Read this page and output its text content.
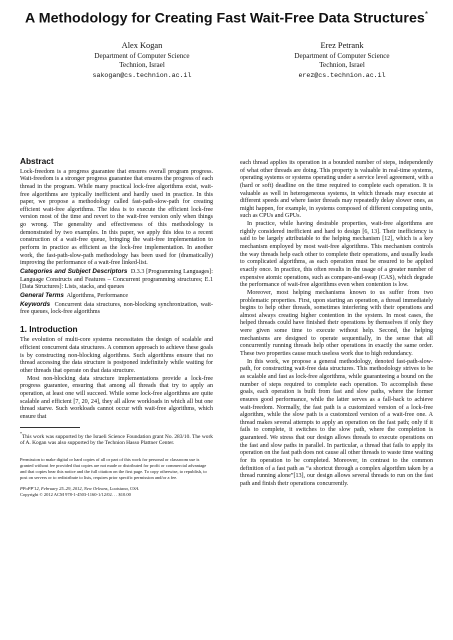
A Methodology for Creating Fast Wait-Free Data Structures*
Alex Kogan
Department of Computer Science
Technion, Israel
sakogan@cs.technion.ac.il
Erez Petrank
Department of Computer Science
Technion, Israel
erez@cs.technion.ac.il
Abstract

Lock-freedom is a progress guarantee that ensures overall program progress. Wait-freedom is a stronger progress guarantee that ensures the progress of each thread in the program. While many practical lock-free algorithms exist, wait-free algorithms are typically inefficient and hardly used in practice. In this paper, we propose a methodology called fast-path-slow-path for creating efficient wait-free algorithms. The idea is to execute the efficient lock-free version most of the time and revert to the wait-free version only when things go wrong. The generality and effectiveness of this methodology is demonstrated by two examples. In this paper, we apply this idea to a recent construction of a wait-free queue, bringing the wait-free implementation to perform in practice as efficient as the lock-free implementation. In another work, the fast-path-slow-path methodology has been used for (dramatically) improving the performance of a wait-free linked-list.

Categories and Subject Descriptors D.3.3 [Programming Languages]: Language Constructs and Features – Concurrent programming structures; E.1 [Data Structures]: Lists, stacks, and queues

General Terms Algorithms, Performance

Keywords Concurrent data structures, non-blocking synchronization, wait-free queues, lock-free algorithms

1. Introduction

The evolution of multi-core systems necessitates the design of scalable and efficient concurrent data structures. A common approach to achieve these goals is by constructing non-blocking algorithms. Such algorithms ensure that no thread accessing the data structure is postponed indefinitely while waiting for other threads that operate on that data structure.

Most non-blocking data structure implementations provide a lock-free progress guarantee, ensuring that among all threads that try to apply an operation, at least one will succeed. While some lock-free algorithms are quite scalable and efficient [7, 20, 24], they all allow workloads in which all but one thread starve. Such workloads cannot occur with wait-free algorithms, which ensure that

*This work was supported by the Israeli Science Foundation grant No. 283/10. The work of A. Kogan was also supported by the Technion Hasso Plattner Center.

Permission to make digital or hard copies of all or part of this work for personal or classroom use is granted without fee provided that copies are not made or distributed for profit or commercial advantage and that copies bear this notice and the full citation on the first page. To copy otherwise, to republish, to post on servers or to redistribute to lists, requires prior specific permission and/or a fee.
PPoPP'12, February 25–29, 2012, New Orleans, Louisiana, USA.
Copyright © 2012 ACM 978-1-4503-1160-1/12/02. . . $10.00

each thread applies its operation in a bounded number of steps, independently of what other threads are doing. This property is valuable in real-time systems, operating systems or systems operating under a service level agreement, with a (hard or soft) deadline on the time required to complete each operation. It is valuable as well in heterogeneous systems, in which threads may execute at different speeds and where faster threads may repeatedly delay slower ones, as might happen, for example, in systems composed of different computing units, such as CPUs and GPUs.

In practice, while having desirable properties, wait-free algorithms are rightly considered inefficient and hard to design [6, 13]. Their inefficiency is said to be largely attributable to the helping mechanism [12], which is a key mechanism employed by most wait-free algorithms. This mechanism controls the way threads help each other to complete their operations, and usually leads to complicated algorithms, as each operation must be ensured to be applied exactly once. In practice, this often results in the usage of a greater number of expensive atomic operations, such as compare-and-swap (CAS), which degrade the performance of wait-free algorithms even when contention is low.

Moreover, most helping mechanisms known to us suffer from two problematic properties. First, upon starting an operation, a thread immediately begins to help other threads, sometimes interfering with their operations and almost always creating higher contention in the system. In most cases, the helped threads could have finished their operations by themselves if only they were given some time to execute without help. Second, the helping mechanisms are designed to operate sequentially, in the sense that all concurrently running threads help other operations in exactly the same order. These two properties cause much useless work due to high redundancy.

In this work, we propose a general methodology, denoted fast-path-slow-path, for constructing wait-free data structures. This methodology strives to be as scalable and fast as lock-free algorithms, while guaranteeing a bound on the number of steps required to complete each operation. To accomplish these goals, each operation is built from fast and slow paths, where the former ensures good performance, while the latter serves as a fall-back to achieve wait-freedom. Normally, the fast path is a customized version of a lock-free algorithm, while the slow path is a customized version of a wait-free one. A thread makes several attempts to apply an operation on the fast path; only if it fails to complete, it switches to the slow path, where the completion is guaranteed. We stress that our design allows threads to execute operations on the fast and slow paths in parallel. In particular, a thread that fails to apply its operation on the fast path does not cause all other threads to waste time waiting for its operation to be completed. Moreover, in contrast to the common definition of a fast path as “a shortcut through a complex algorithm taken by a thread running alone”[13], our design allows several threads to run on the fast path and finish their operations concurrently.
